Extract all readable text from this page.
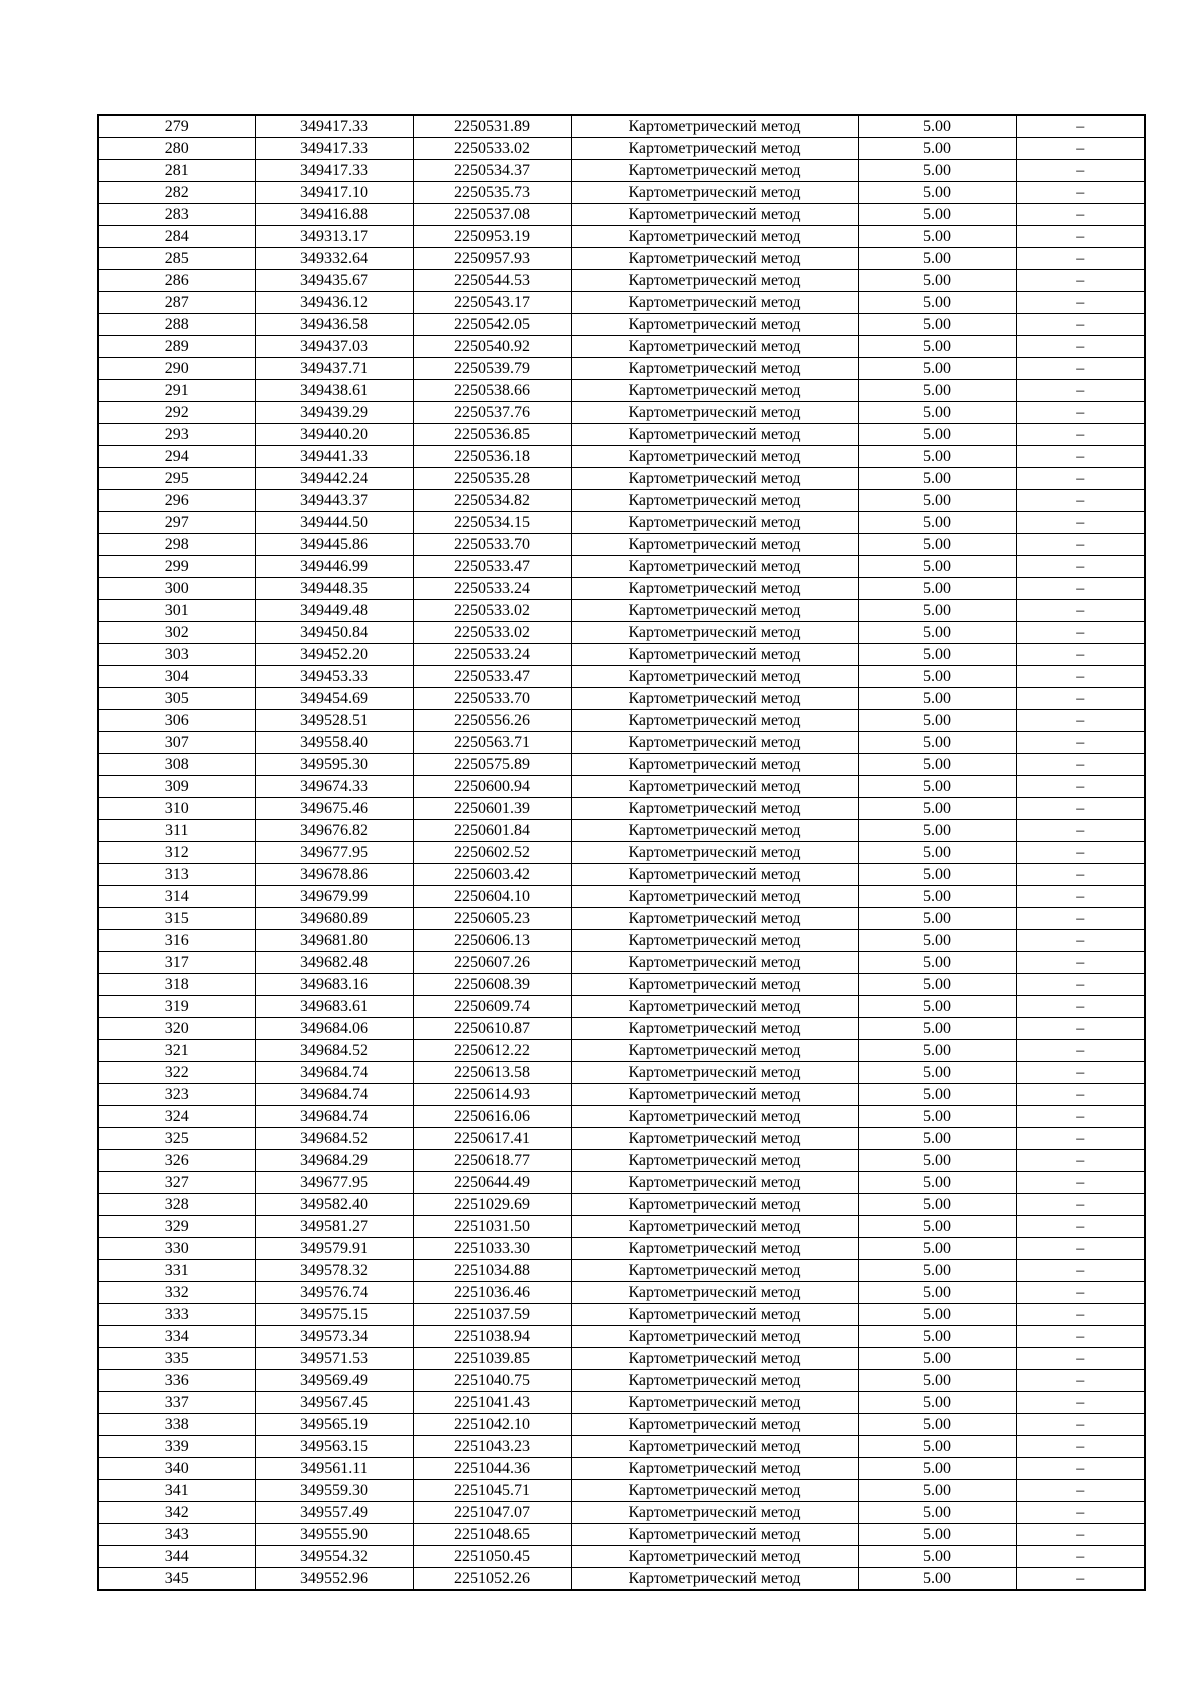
279	349417.33	2250531.89	Картометрический метод	5.00	–
280	349417.33	2250533.02	Картометрический метод	5.00	–
281	349417.33	2250534.37	Картометрический метод	5.00	–
282	349417.10	2250535.73	Картометрический метод	5.00	–
283	349416.88	2250537.08	Картометрический метод	5.00	–
284	349313.17	2250953.19	Картометрический метод	5.00	–
285	349332.64	2250957.93	Картометрический метод	5.00	–
286	349435.67	2250544.53	Картометрический метод	5.00	–
287	349436.12	2250543.17	Картометрический метод	5.00	–
288	349436.58	2250542.05	Картометрический метод	5.00	–
289	349437.03	2250540.92	Картометрический метод	5.00	–
290	349437.71	2250539.79	Картометрический метод	5.00	–
291	349438.61	2250538.66	Картометрический метод	5.00	–
292	349439.29	2250537.76	Картометрический метод	5.00	–
293	349440.20	2250536.85	Картометрический метод	5.00	–
294	349441.33	2250536.18	Картометрический метод	5.00	–
295	349442.24	2250535.28	Картометрический метод	5.00	–
296	349443.37	2250534.82	Картометрический метод	5.00	–
297	349444.50	2250534.15	Картометрический метод	5.00	–
298	349445.86	2250533.70	Картометрический метод	5.00	–
299	349446.99	2250533.47	Картометрический метод	5.00	–
300	349448.35	2250533.24	Картометрический метод	5.00	–
301	349449.48	2250533.02	Картометрический метод	5.00	–
302	349450.84	2250533.02	Картометрический метод	5.00	–
303	349452.20	2250533.24	Картометрический метод	5.00	–
304	349453.33	2250533.47	Картометрический метод	5.00	–
305	349454.69	2250533.70	Картометрический метод	5.00	–
306	349528.51	2250556.26	Картометрический метод	5.00	–
307	349558.40	2250563.71	Картометрический метод	5.00	–
308	349595.30	2250575.89	Картометрический метод	5.00	–
309	349674.33	2250600.94	Картометрический метод	5.00	–
310	349675.46	2250601.39	Картометрический метод	5.00	–
311	349676.82	2250601.84	Картометрический метод	5.00	–
312	349677.95	2250602.52	Картометрический метод	5.00	–
313	349678.86	2250603.42	Картометрический метод	5.00	–
314	349679.99	2250604.10	Картометрический метод	5.00	–
315	349680.89	2250605.23	Картометрический метод	5.00	–
316	349681.80	2250606.13	Картометрический метод	5.00	–
317	349682.48	2250607.26	Картометрический метод	5.00	–
318	349683.16	2250608.39	Картометрический метод	5.00	–
319	349683.61	2250609.74	Картометрический метод	5.00	–
320	349684.06	2250610.87	Картометрический метод	5.00	–
321	349684.52	2250612.22	Картометрический метод	5.00	–
322	349684.74	2250613.58	Картометрический метод	5.00	–
323	349684.74	2250614.93	Картометрический метод	5.00	–
324	349684.74	2250616.06	Картометрический метод	5.00	–
325	349684.52	2250617.41	Картометрический метод	5.00	–
326	349684.29	2250618.77	Картометрический метод	5.00	–
327	349677.95	2250644.49	Картометрический метод	5.00	–
328	349582.40	2251029.69	Картометрический метод	5.00	–
329	349581.27	2251031.50	Картометрический метод	5.00	–
330	349579.91	2251033.30	Картометрический метод	5.00	–
331	349578.32	2251034.88	Картометрический метод	5.00	–
332	349576.74	2251036.46	Картометрический метод	5.00	–
333	349575.15	2251037.59	Картометрический метод	5.00	–
334	349573.34	2251038.94	Картометрический метод	5.00	–
335	349571.53	2251039.85	Картометрический метод	5.00	–
336	349569.49	2251040.75	Картометрический метод	5.00	–
337	349567.45	2251041.43	Картометрический метод	5.00	–
338	349565.19	2251042.10	Картометрический метод	5.00	–
339	349563.15	2251043.23	Картометрический метод	5.00	–
340	349561.11	2251044.36	Картометрический метод	5.00	–
341	349559.30	2251045.71	Картометрический метод	5.00	–
342	349557.49	2251047.07	Картометрический метод	5.00	–
343	349555.90	2251048.65	Картометрический метод	5.00	–
344	349554.32	2251050.45	Картометрический метод	5.00	–
345	349552.96	2251052.26	Картометрический метод	5.00	–
